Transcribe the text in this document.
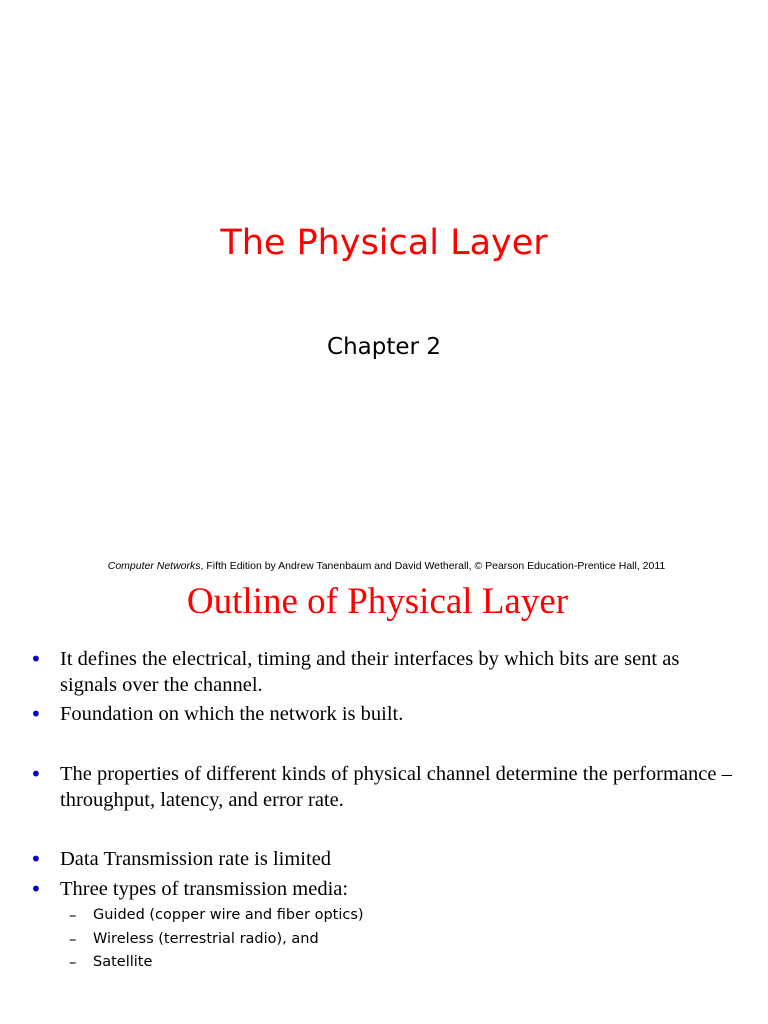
The Physical Layer
Chapter 2
Computer Networks, Fifth Edition by Andrew Tanenbaum and David Wetherall, © Pearson Education-Prentice Hall, 2011
Outline of Physical Layer
• It defines the electrical, timing and their interfaces by which bits are sent as signals over the channel.
• Foundation on which the network is built.
• The properties of different kinds of physical channel determine the performance – throughput, latency, and error rate.
• Data Transmission rate is limited
• Three types of transmission media:
– Guided (copper wire and fiber optics)
– Wireless (terrestrial radio), and
– Satellite
